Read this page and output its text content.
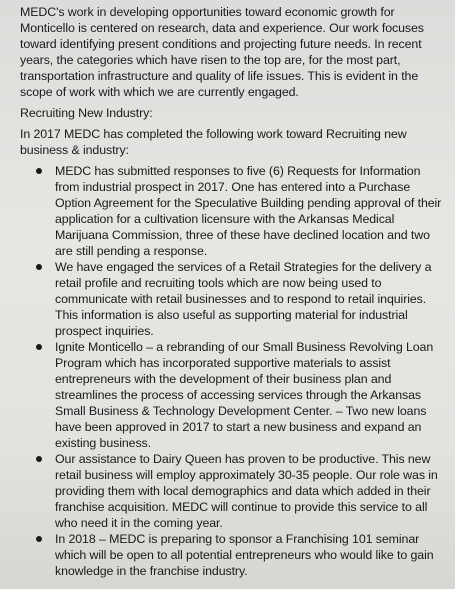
MEDC's work in developing opportunities toward economic growth for Monticello is centered on research, data and experience. Our work focuses toward identifying present conditions and projecting future needs. In recent years, the categories which have risen to the top are, for the most part, transportation infrastructure and quality of life issues. This is evident in the scope of work with which we are currently engaged.

Recruiting New Industry:

In 2017 MEDC has completed the following work toward Recruiting new business & industry:

MEDC has submitted responses to five (6) Requests for Information from industrial prospect in 2017. One has entered into a Purchase Option Agreement for the Speculative Building pending approval of their application for a cultivation licensure with the Arkansas Medical Marijuana Commission, three of these have declined location and two are still pending a response.
We have engaged the services of a Retail Strategies for the delivery a retail profile and recruiting tools which are now being used to communicate with retail businesses and to respond to retail inquiries. This information is also useful as supporting material for industrial prospect inquiries.
Ignite Monticello – a rebranding of our Small Business Revolving Loan Program which has incorporated supportive materials to assist entrepreneurs with the development of their business plan and streamlines the process of accessing services through the Arkansas Small Business & Technology Development Center. – Two new loans have been approved in 2017 to start a new business and expand an existing business.
Our assistance to Dairy Queen has proven to be productive. This new retail business will employ approximately 30-35 people. Our role was in providing them with local demographics and data which added in their franchise acquisition. MEDC will continue to provide this service to all who need it in the coming year.
In 2018 – MEDC is preparing to sponsor a Franchising 101 seminar which will be open to all potential entrepreneurs who would like to gain knowledge in the franchise industry.
